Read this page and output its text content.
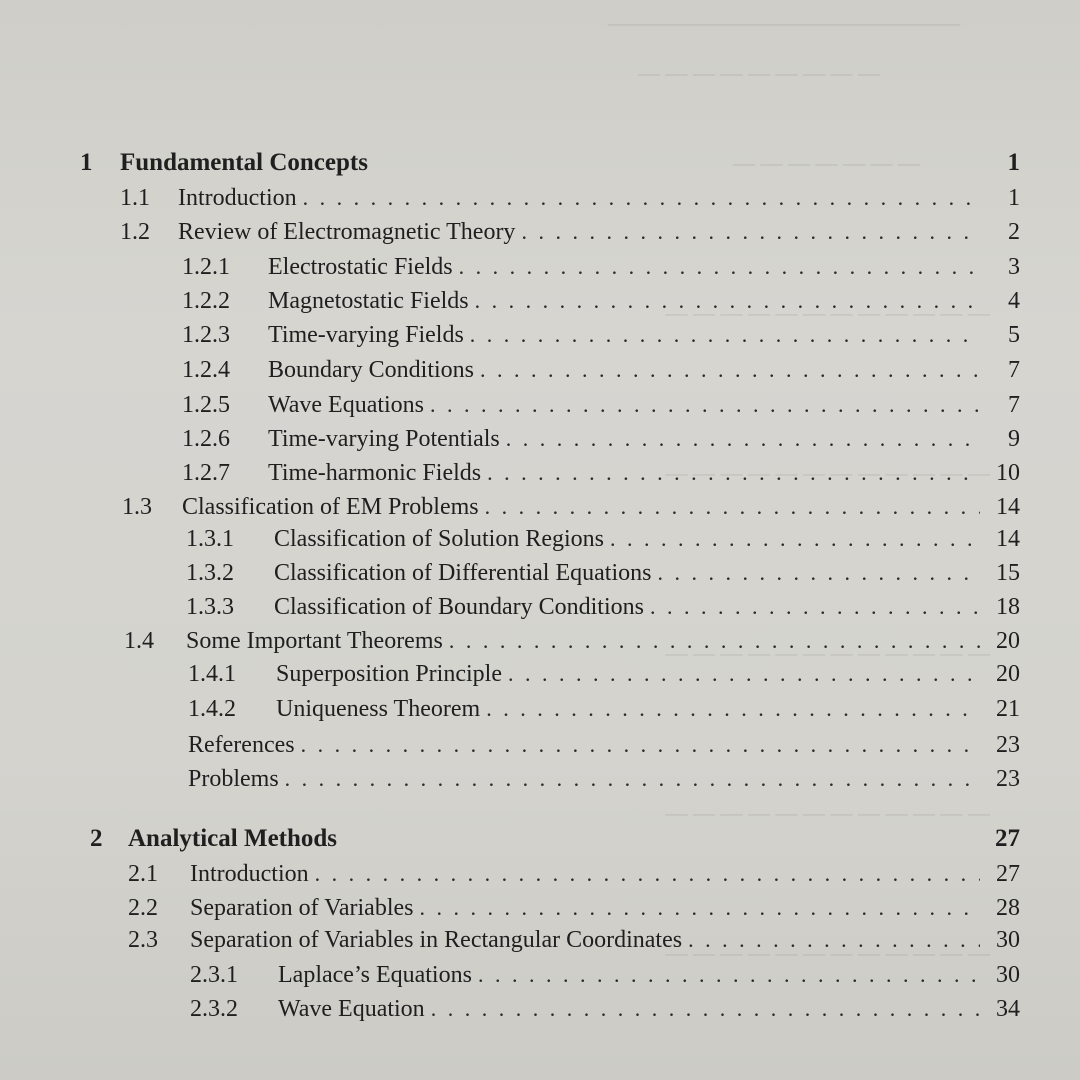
————————————————
— — — — — — — — —
— — — — — — —
— — — — — — — — — — — —
— — — — — — — — — — — —
— — — — — — — — — — — —
— — — — — — — — — — — —
— — — — — — — — — — — —
1	Fundamental Concepts	1
1.1	Introduction . . .	1
1.2	Review of Electromagnetic Theory . . .	2
1.2.1	Electrostatic Fields . . .	3
1.2.2	Magnetostatic Fields . . .	4
1.2.3	Time-varying Fields . . .	5
1.2.4	Boundary Conditions . . .	7
1.2.5	Wave Equations . . .	7
1.2.6	Time-varying Potentials . . .	9
1.2.7	Time-harmonic Fields . . .	10
1.3	Classification of EM Problems . . .	14
1.3.1	Classification of Solution Regions . . .	14
1.3.2	Classification of Differential Equations . . .	15
1.3.3	Classification of Boundary Conditions . . .	18
1.4	Some Important Theorems . . .	20
1.4.1	Superposition Principle . . .	20
1.4.2	Uniqueness Theorem . . .	21
References . . .	23
Problems . . .	23
2	Analytical Methods	27
2.1	Introduction . . .	27
2.2	Separation of Variables . . .	28
2.3	Separation of Variables in Rectangular Coordinates . . .	30
2.3.1	Laplace’s Equations . . .	30
2.3.2	Wave Equation . . .	34
